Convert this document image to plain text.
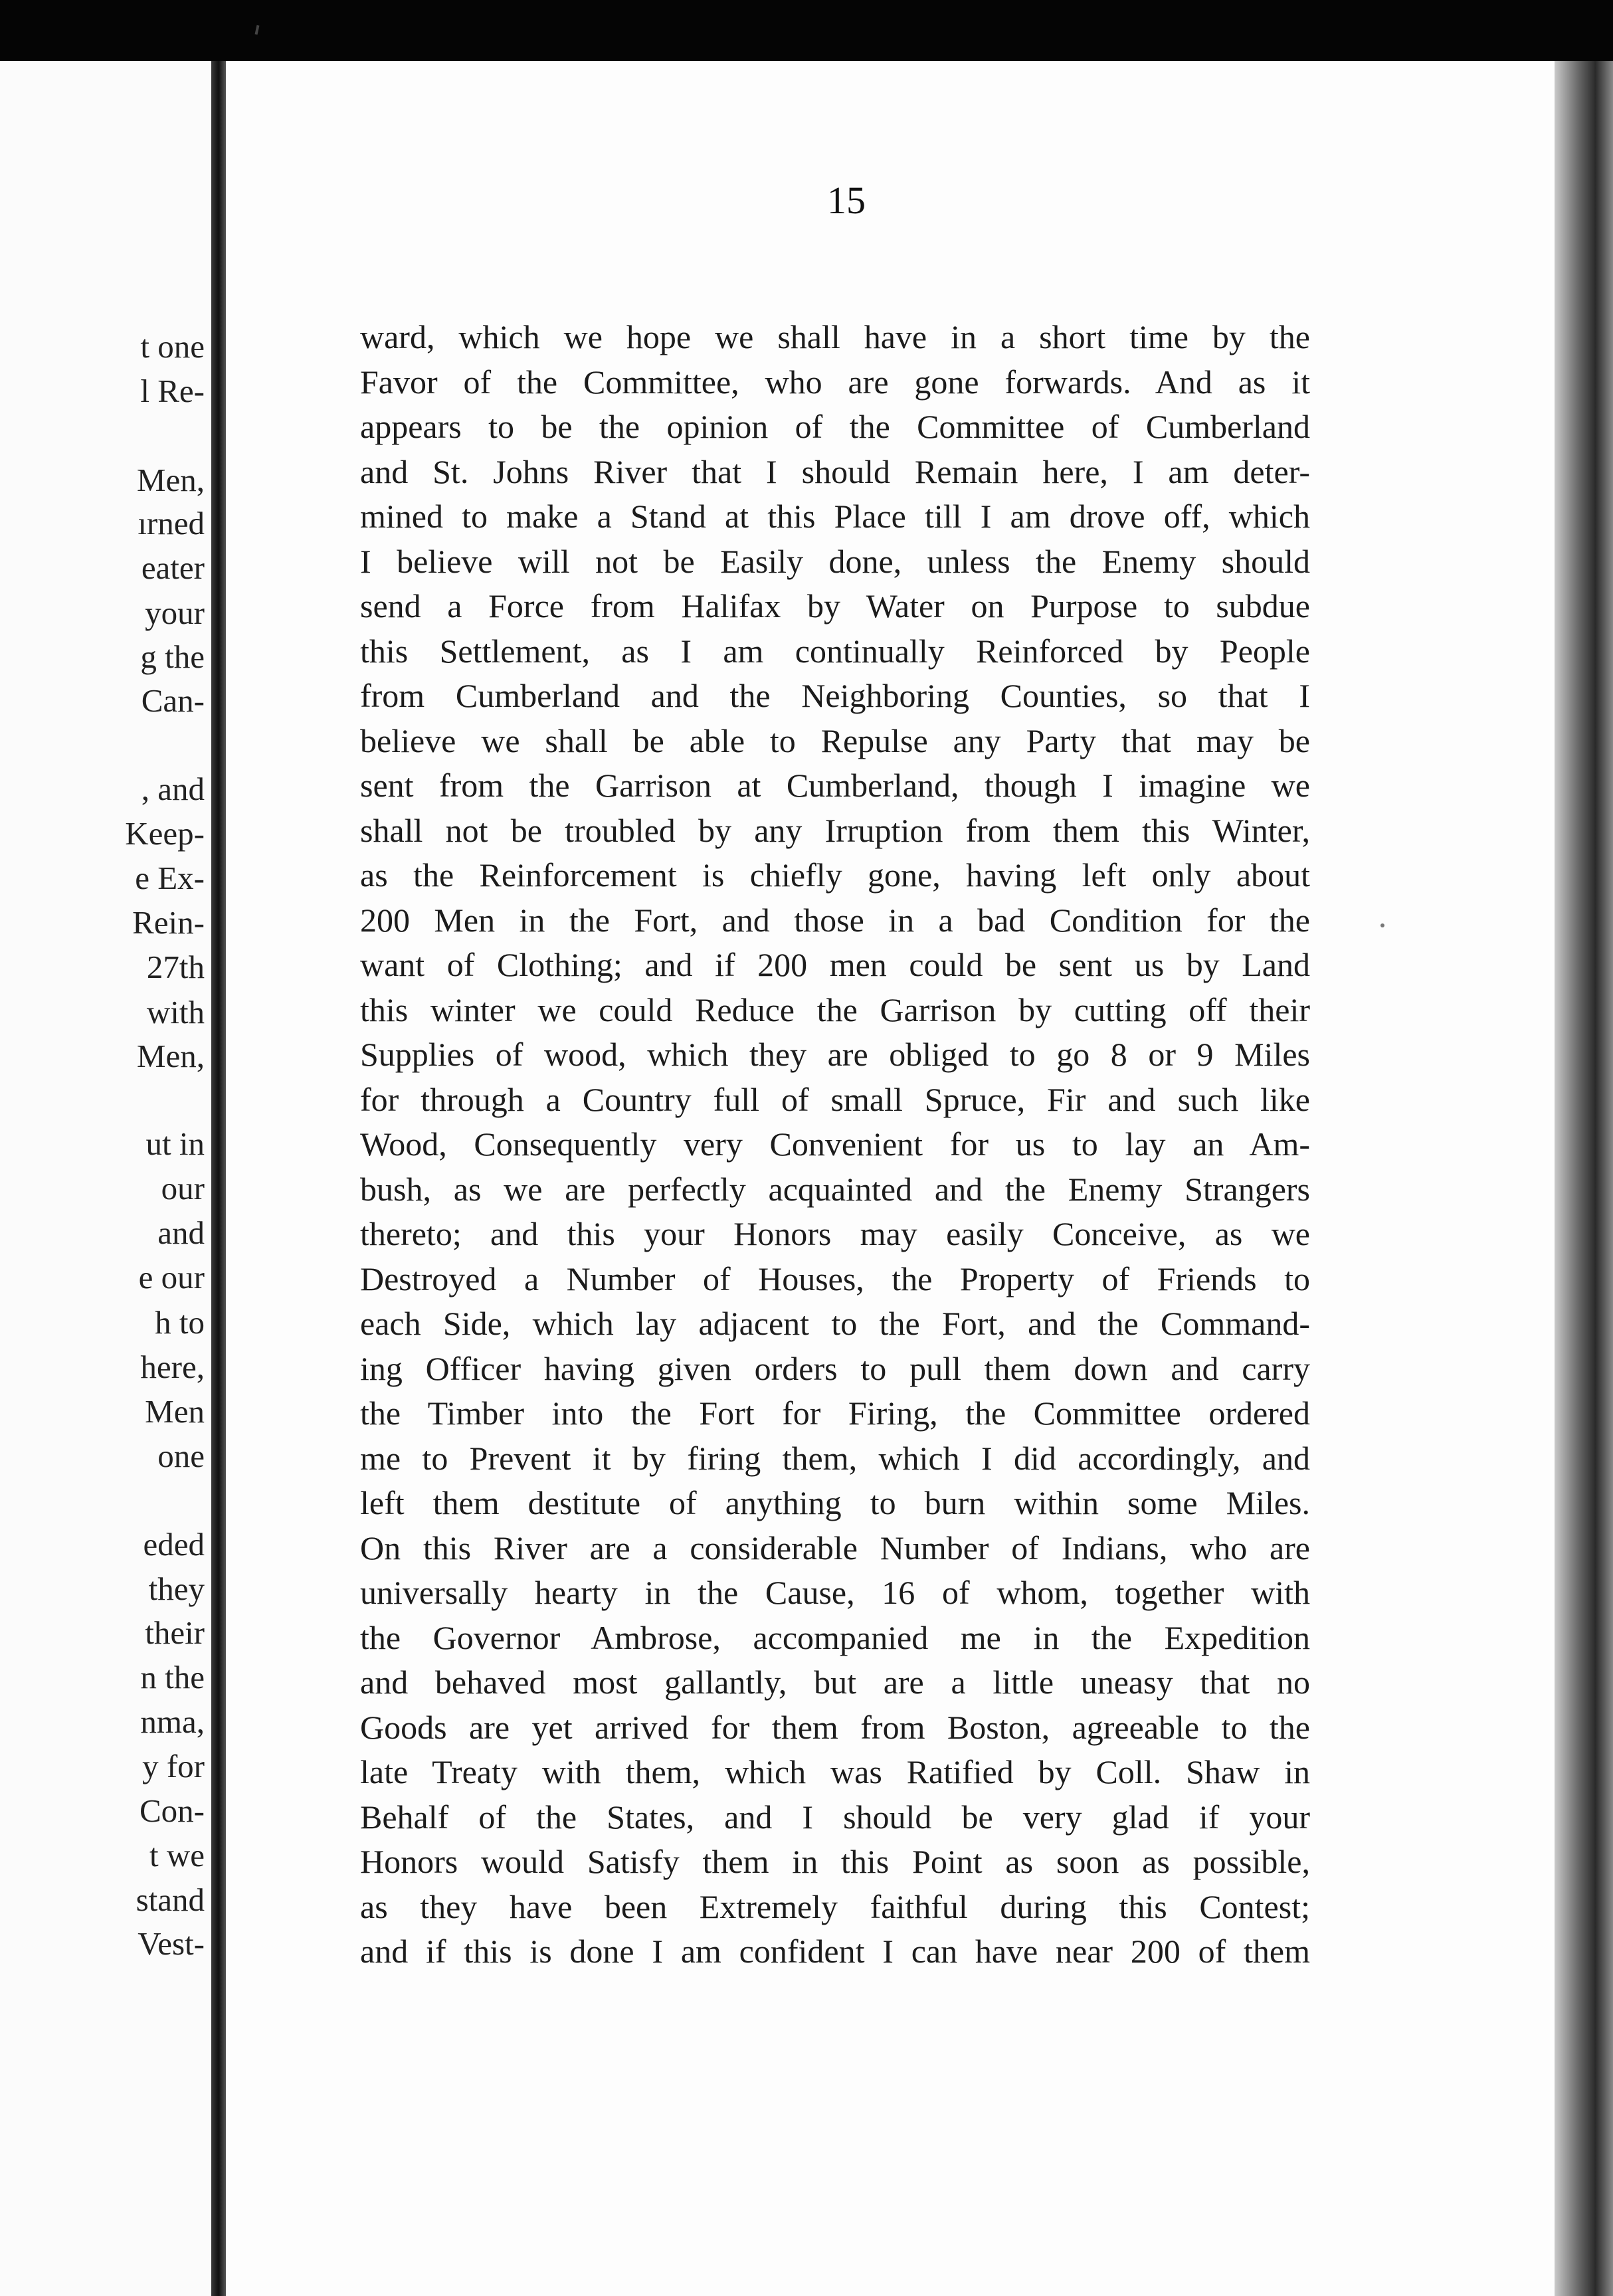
t one
l Re-
Men,
ırned
eater
your
g the
Can-
, and
Keep-
e Ex-
Rein-
27th
with
Men,
ut in
our
and
e our
h to
here,
Men
one
eded
they
their
n the
nma,
y for
Con-
t we
stand
Vest-
15
ward, which we hope we shall have in a short time by the
Favor of the Committee, who are gone forwards. And as it
appears to be the opinion of the Committee of Cumberland
and St. Johns River that I should Remain here, I am deter-
mined to make a Stand at this Place till I am drove off, which
I believe will not be Easily done, unless the Enemy should
send a Force from Halifax by Water on Purpose to subdue
this Settlement, as I am continually Reinforced by People
from Cumberland and the Neighboring Counties, so that I
believe we shall be able to Repulse any Party that may be
sent from the Garrison at Cumberland, though I imagine we
shall not be troubled by any Irruption from them this Winter,
as the Reinforcement is chiefly gone, having left only about
200 Men in the Fort, and those in a bad Condition for the
want of Clothing; and if 200 men could be sent us by Land
this winter we could Reduce the Garrison by cutting off their
Supplies of wood, which they are obliged to go 8 or 9 Miles
for through a Country full of small Spruce, Fir and such like
Wood, Consequently very Convenient for us to lay an Am-
bush, as we are perfectly acquainted and the Enemy Strangers
thereto; and this your Honors may easily Conceive, as we
Destroyed a Number of Houses, the Property of Friends to
each Side, which lay adjacent to the Fort, and the Command-
ing Officer having given orders to pull them down and carry
the Timber into the Fort for Firing, the Committee ordered
me to Prevent it by firing them, which I did accordingly, and
left them destitute of anything to burn within some Miles.
On this River are a considerable Number of Indians, who are
universally hearty in the Cause, 16 of whom, together with
the Governor Ambrose, accompanied me in the Expedition
and behaved most gallantly, but are a little uneasy that no
Goods are yet arrived for them from Boston, agreeable to the
late Treaty with them, which was Ratified by Coll. Shaw in
Behalf of the States, and I should be very glad if your
Honors would Satisfy them in this Point as soon as possible,
as they have been Extremely faithful during this Contest;
and if this is done I am confident I can have near 200 of them
